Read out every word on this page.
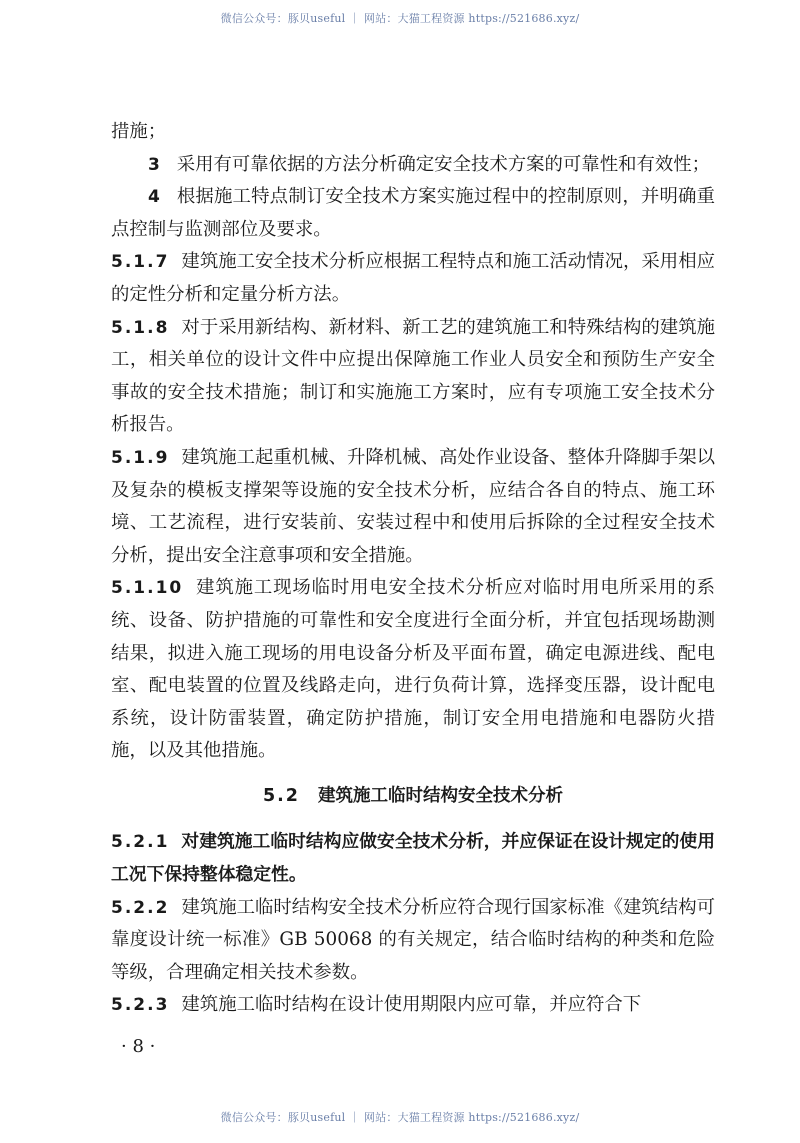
微信公众号：豚贝useful ｜ 网站：大猫工程资源 https://521686.xyz/

措施；

3 采用有可靠依据的方法分析确定安全技术方案的可靠性和有效性；

4 根据施工特点制订安全技术方案实施过程中的控制原则，并明确重点控制与监测部位及要求。

5.1.7 建筑施工安全技术分析应根据工程特点和施工活动情况，采用相应的定性分析和定量分析方法。

5.1.8 对于采用新结构、新材料、新工艺的建筑施工和特殊结构的建筑施工，相关单位的设计文件中应提出保障施工作业人员安全和预防生产安全事故的安全技术措施；制订和实施施工方案时，应有专项施工安全技术分析报告。

5.1.9 建筑施工起重机械、升降机械、高处作业设备、整体升降脚手架以及复杂的模板支撑架等设施的安全技术分析，应结合各自的特点、施工环境、工艺流程，进行安装前、安装过程中和使用后拆除的全过程安全技术分析，提出安全注意事项和安全措施。

5.1.10 建筑施工现场临时用电安全技术分析应对临时用电所采用的系统、设备、防护措施的可靠性和安全度进行全面分析，并宜包括现场勘测结果，拟进入施工现场的用电设备分析及平面布置，确定电源进线、配电室、配电装置的位置及线路走向，进行负荷计算，选择变压器，设计配电系统，设计防雷装置，确定防护措施，制订安全用电措施和电器防火措施，以及其他措施。

5.2 建筑施工临时结构安全技术分析

5.2.1 对建筑施工临时结构应做安全技术分析，并应保证在设计规定的使用工况下保持整体稳定性。

5.2.2 建筑施工临时结构安全技术分析应符合现行国家标准《建筑结构可靠度设计统一标准》GB 50068 的有关规定，结合临时结构的种类和危险等级，合理确定相关技术参数。

5.2.3 建筑施工临时结构在设计使用期限内应可靠，并应符合下

· 8 ·
微信公众号：豚贝useful ｜ 网站：大猫工程资源 https://521686.xyz/
